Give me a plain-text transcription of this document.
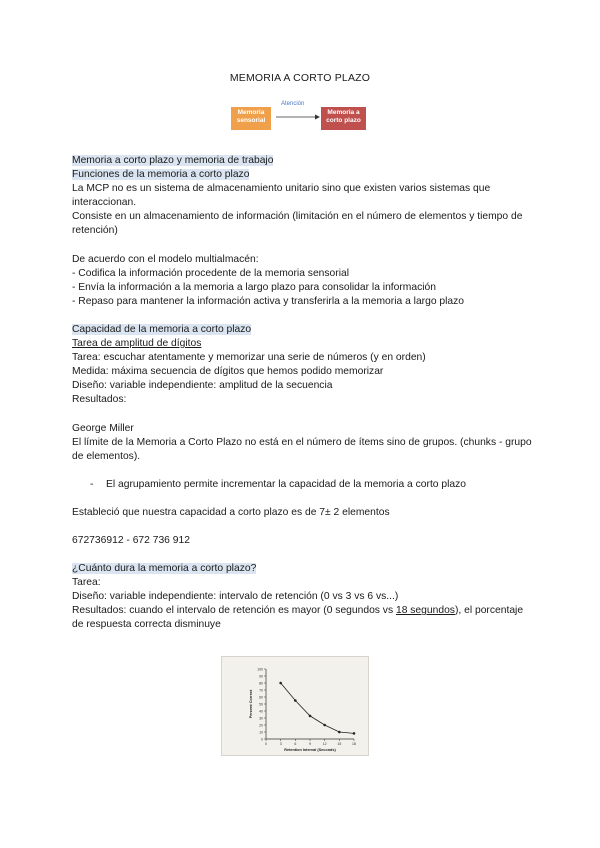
MEMORIA A CORTO PLAZO
Memoria sensorial
Atención
Memoria a corto plazo
Memoria a corto plazo y memoria de trabajo
Funciones de la memoria a corto plazo
La MCP no es un sistema de almacenamiento unitario sino que existen varios sistemas que interaccionan.
Consiste en un almacenamiento de información (limitación en el número de elementos y tiempo de retención)
De acuerdo con el modelo multialmacén:
- Codifica la información procedente de la memoria sensorial
- Envía la información a la memoria a largo plazo para consolidar la información
- Repaso para mantener la información activa y transferirla a la memoria a largo plazo
Capacidad de la memoria a corto plazo
Tarea de amplitud de dígitos
Tarea: escuchar atentamente y memorizar una serie de números (y en orden)
Medida: máxima secuencia de dígitos que hemos podido memorizar
Diseño: variable independiente: amplitud de la secuencia
Resultados:
George Miller
El límite de la Memoria a Corto Plazo no está en el número de ítems sino de grupos. (chunks - grupo de elementos).
- El agrupamiento permite incrementar la capacidad de la memoria a corto plazo
Estableció que nuestra capacidad a corto plazo es de 7± 2 elementos
672736912 - 672 736 912
¿Cuánto dura la memoria a corto plazo?
Tarea:
Diseño: variable independiente: intervalo de retención (0 vs 3 vs 6 vs...)
Resultados: cuando el intervalo de retención es mayor (0 segundos vs 18 segundos), el porcentaje de respuesta correcta disminuye
0
10
20
30
40
50
60
70
80
90
100
0	3	6	9	12	15	18
Retention Interval (Seconds)
Percent Correct
